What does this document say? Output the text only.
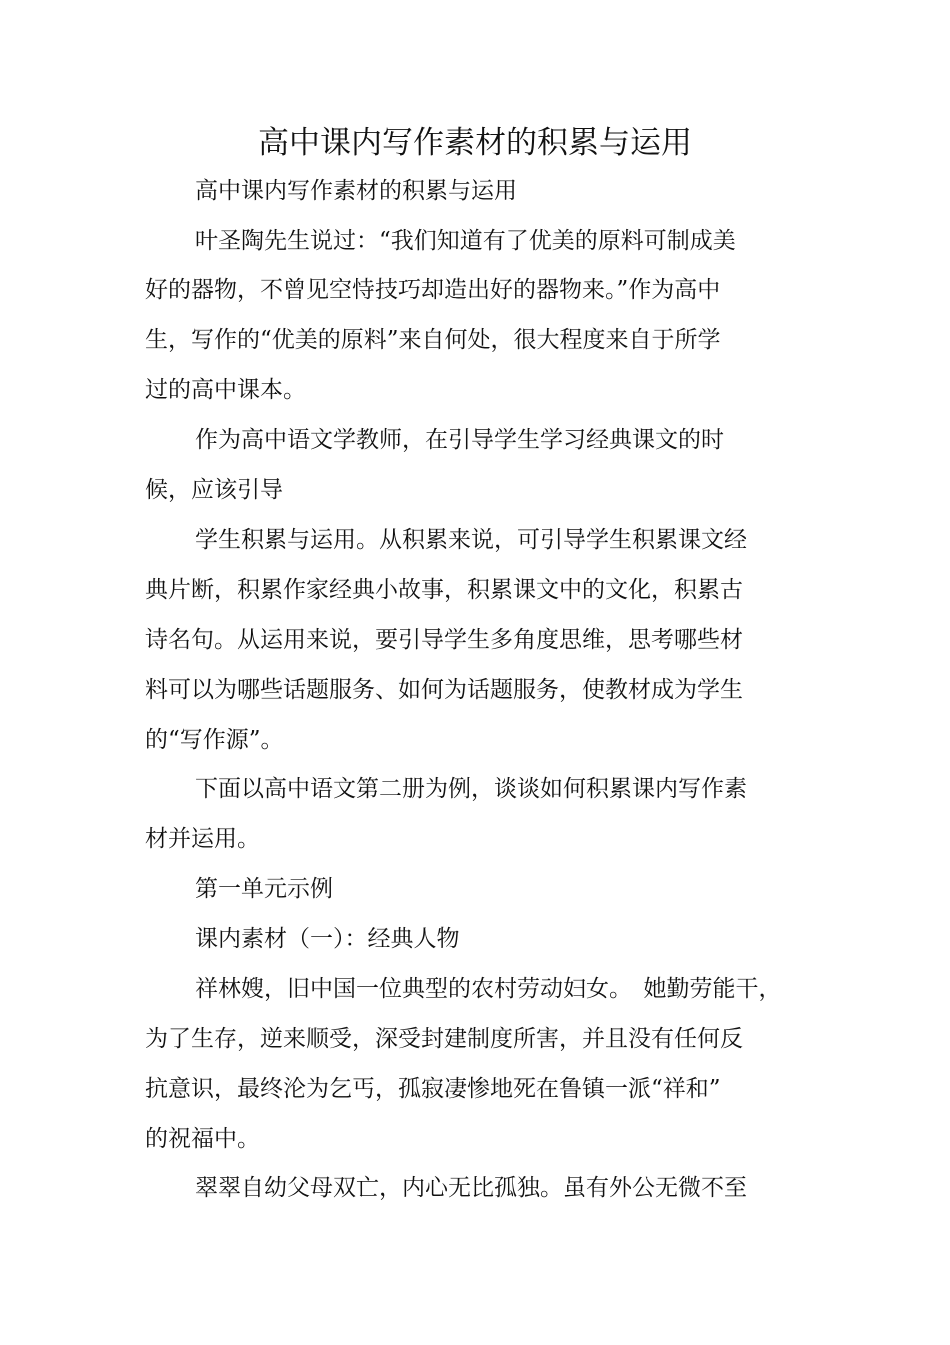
高中课内写作素材的积累与运用
高中课内写作素材的积累与运用
叶圣陶先生说过：“我们知道有了优美的原料可制成美
好的器物，不曾见空恃技巧却造出好的器物来。”作为高中
生，写作的“优美的原料”来自何处，很大程度来自于所学
过的高中课本。
作为高中语文学教师，在引导学生学习经典课文的时
候，应该引导
学生积累与运用。从积累来说，可引导学生积累课文经
典片断，积累作家经典小故事，积累课文中的文化，积累古
诗名句。从运用来说，要引导学生多角度思维，思考哪些材
料可以为哪些话题服务、如何为话题服务，使教材成为学生
的“写作源”。
下面以高中语文第二册为例，谈谈如何积累课内写作素
材并运用。
第一单元示例
课内素材（一）：经典人物
祥林嫂，旧中国一位典型的农村劳动妇女。　她勤劳能干，
为了生存，逆来顺受，深受封建制度所害，并且没有任何反
抗意识，最终沦为乞丐，孤寂凄惨地死在鲁镇一派“祥和”
的祝福中。
翠翠自幼父母双亡，内心无比孤独。虽有外公无微不至
